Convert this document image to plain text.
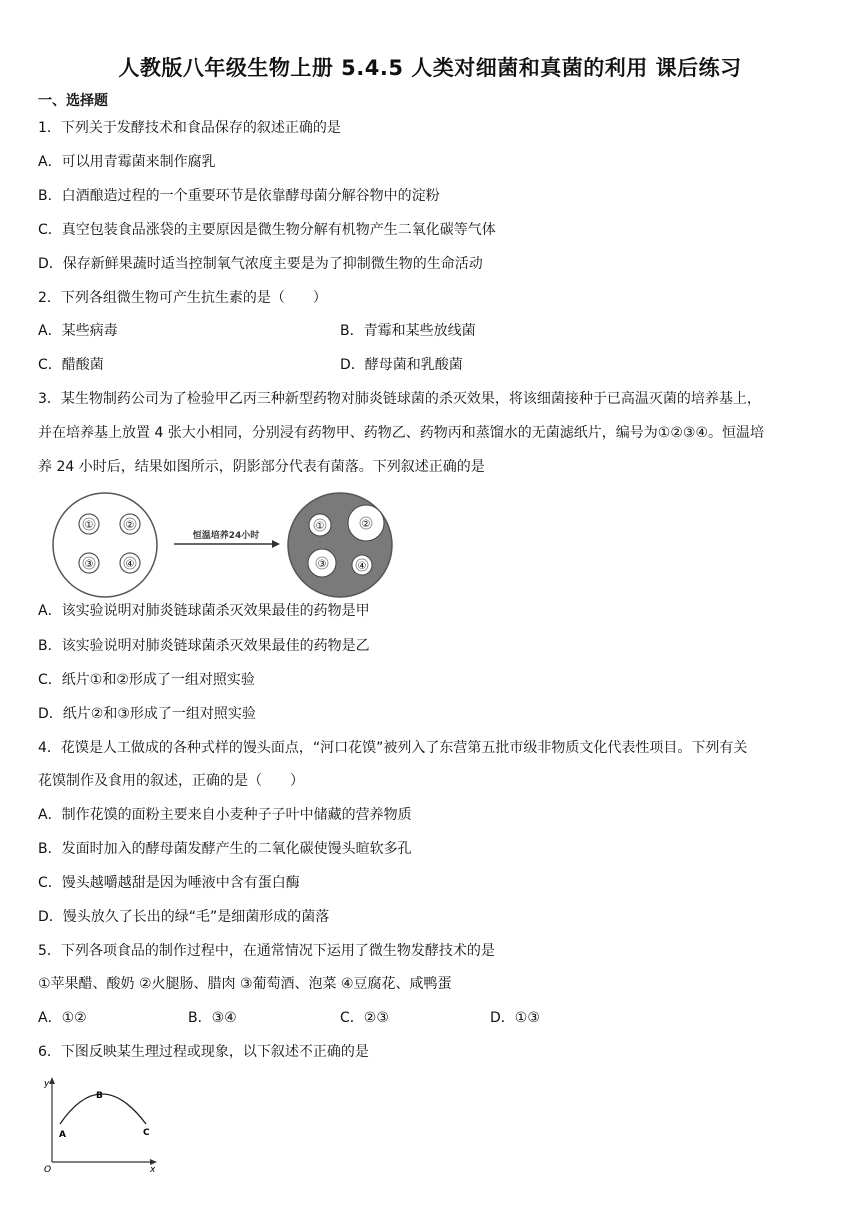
人教版八年级生物上册 5.4.5 人类对细菌和真菌的利用 课后练习
一、选择题
1．下列关于发酵技术和食品保存的叙述正确的是
A．可以用青霉菌来制作腐乳
B．白酒酿造过程的一个重要环节是依靠酵母菌分解谷物中的淀粉
C．真空包装食品涨袋的主要原因是微生物分解有机物产生二氧化碳等气体
D．保存新鲜果蔬时适当控制氧气浓度主要是为了抑制微生物的生命活动
2．下列各组微生物可产生抗生素的是（　　）
A．某些病毒	B．青霉和某些放线菌
C．醋酸菌	D．酵母菌和乳酸菌
3．某生物制药公司为了检验甲乙丙三种新型药物对肺炎链球菌的杀灭效果，将该细菌接种于已高温灭菌的培养基上，
并在培养基上放置 4 张大小相同，分别浸有药物甲、药物乙、药物丙和蒸馏水的无菌滤纸片，编号为①②③④。恒温培
养 24 小时后，结果如图所示，阴影部分代表有菌落。下列叙述正确的是
①	②
③	④
恒温培养24小时
①	②
③	④
A．该实验说明对肺炎链球菌杀灭效果最佳的药物是甲
B．该实验说明对肺炎链球菌杀灭效果最佳的药物是乙
C．纸片①和②形成了一组对照实验
D．纸片②和③形成了一组对照实验
4．花馍是人工做成的各种式样的馒头面点，“河口花馍”被列入了东营第五批市级非物质文化代表性项目。下列有关
花馍制作及食用的叙述，正确的是（　　）
A．制作花馍的面粉主要来自小麦种子子叶中储藏的营养物质
B．发面时加入的酵母菌发酵产生的二氧化碳使馒头暄软多孔
C．馒头越嚼越甜是因为唾液中含有蛋白酶
D．馒头放久了长出的绿“毛”是细菌形成的菌落
5．下列各项食品的制作过程中，在通常情况下运用了微生物发酵技术的是
①苹果醋、酸奶 ②火腿肠、腊肉 ③葡萄酒、泡菜 ④豆腐花、咸鸭蛋
A．①②	B．③④	C．②③	D．①③
6．下图反映某生理过程或现象，以下叙述不正确的是
y
x
O
A
B
C
